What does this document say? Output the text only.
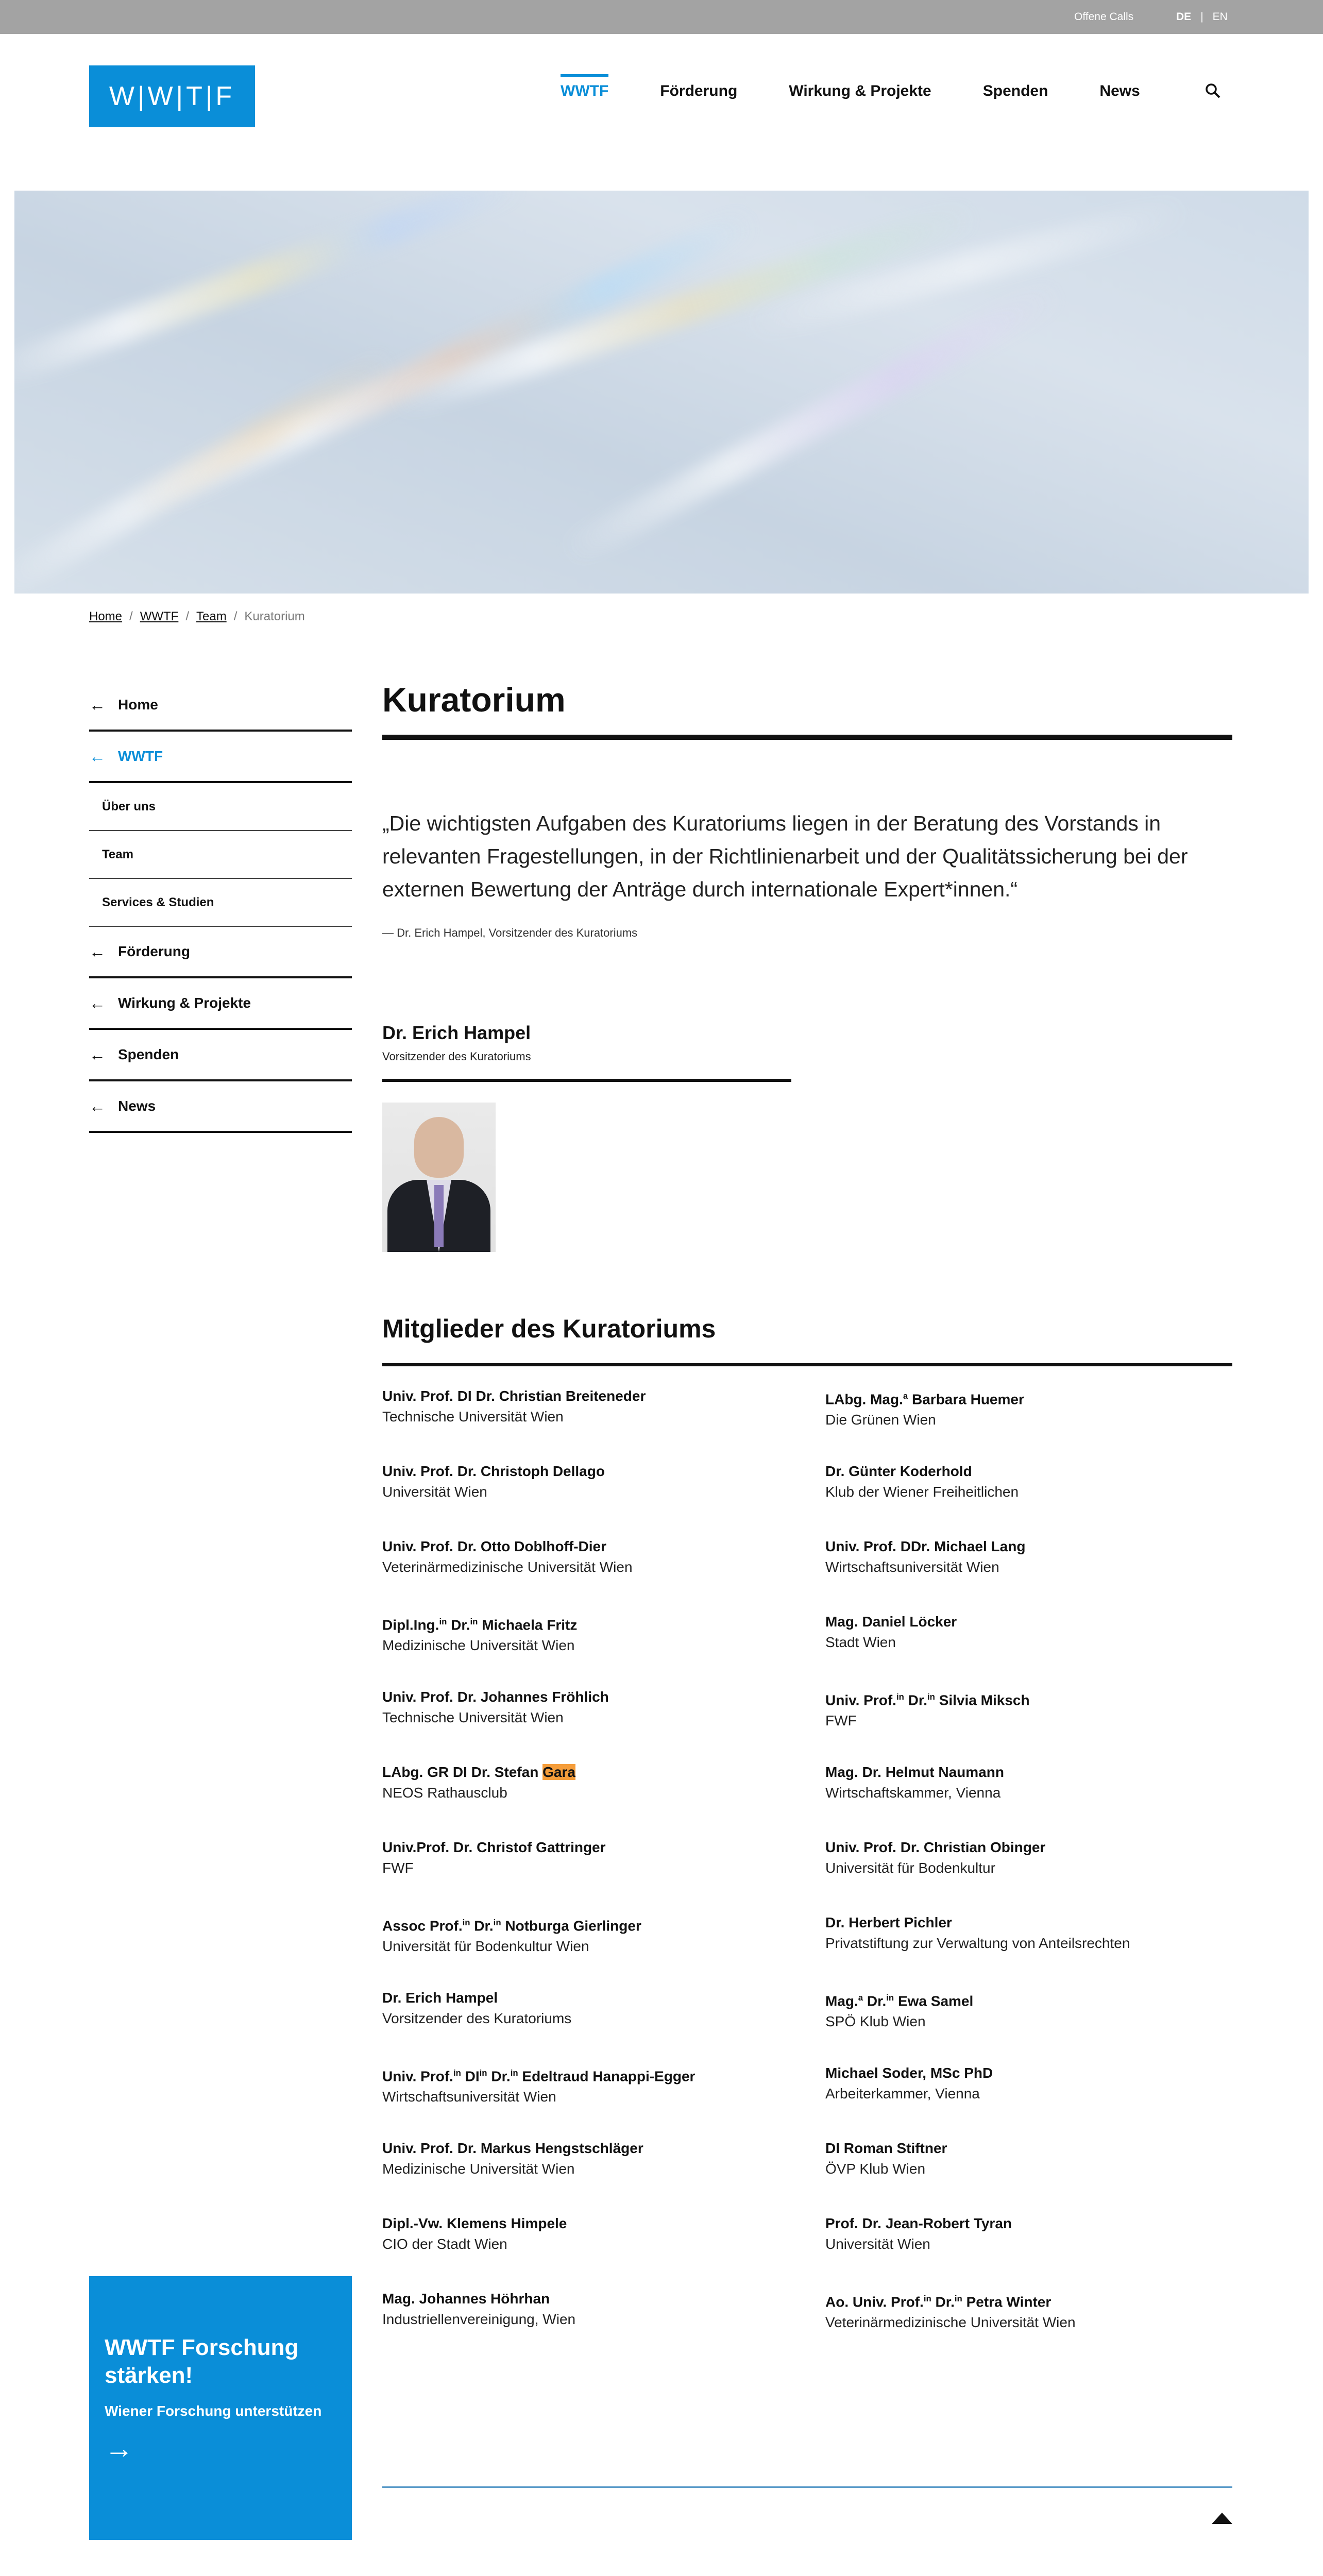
Offene Calls	DE | EN
W|W|T|F	WWTF	Förderung	Wirkung & Projekte	Spenden	News
Home / WWTF / Team / Kuratorium
← Home
← WWTF
Über uns
Team
Services & Studien
← Förderung
← Wirkung & Projekte
← Spenden
← News
Kuratorium

„Die wichtigsten Aufgaben des Kuratoriums liegen in der Beratung des Vorstands in relevanten Fragestellungen, in der Richtlinienarbeit und der Qualitätssicherung bei der externen Bewertung der Anträge durch internationale Expert*innen.“

— Dr. Erich Hampel, Vorsitzender des Kuratoriums

Dr. Erich Hampel
Vorsitzender des Kuratoriums
Mitglieder des Kuratoriums
Univ. Prof. DI Dr. Christian Breiteneder
Technische Universität Wien
Univ. Prof. Dr. Christoph Dellago
Universität Wien
Univ. Prof. Dr. Otto Doblhoff-Dier
Veterinärmedizinische Universität Wien
Dipl.Ing.$^{in}$ Dr.$^{in}$ Michaela Fritz
Medizinische Universität Wien
Univ. Prof. Dr. Johannes Fröhlich
Technische Universität Wien
LAbg. GR DI Dr. Stefan Gara
NEOS Rathausclub
Univ.Prof. Dr. Christof Gattringer
FWF
Assoc Prof.$^{in}$ Dr.$^{in}$ Notburga Gierlinger
Universität für Bodenkultur Wien
Dr. Erich Hampel
Vorsitzender des Kuratoriums
Univ. Prof.$^{in}$ $DI^{in}$ Dr.$^{in}$ Edeltraud Hanappi-Egger
Wirtschaftsuniversität Wien
Univ. Prof. Dr. Markus Hengstschläger
Medizinische Universität Wien
Dipl.-Vw. Klemens Himpele
CIO der Stadt Wien
Mag. Johannes Höhrhan
Industriellenvereinigung, Wien
LAbg. Mag.$^a$ Barbara Huemer
Die Grünen Wien
Dr. Günter Koderhold
Klub der Wiener Freiheitlichen
Univ. Prof. DDr. Michael Lang
Wirtschaftsuniversität Wien
Mag. Daniel Löcker
Stadt Wien
Univ. Prof.$^{in}$ Dr.$^{in}$ Silvia Miksch
FWF
Mag. Dr. Helmut Naumann
Wirtschaftskammer, Vienna
Univ. Prof. Dr. Christian Obinger
Universität für Bodenkultur
Dr. Herbert Pichler
Privatstiftung zur Verwaltung von Anteilsrechten
Mag.$^a$ Dr.$^{in}$ Ewa Samel
SPÖ Klub Wien
Michael Soder, MSc PhD
Arbeiterkammer, Vienna
DI Roman Stiftner
ÖVP Klub Wien
Prof. Dr. Jean-Robert Tyran
Universität Wien
Ao. Univ. Prof.$^{in}$ Dr.$^{in}$ Petra Winter
Veterinärmedizinische Universität Wien
WWTF Forschung stärken!
Wiener Forschung unterstützen
→
